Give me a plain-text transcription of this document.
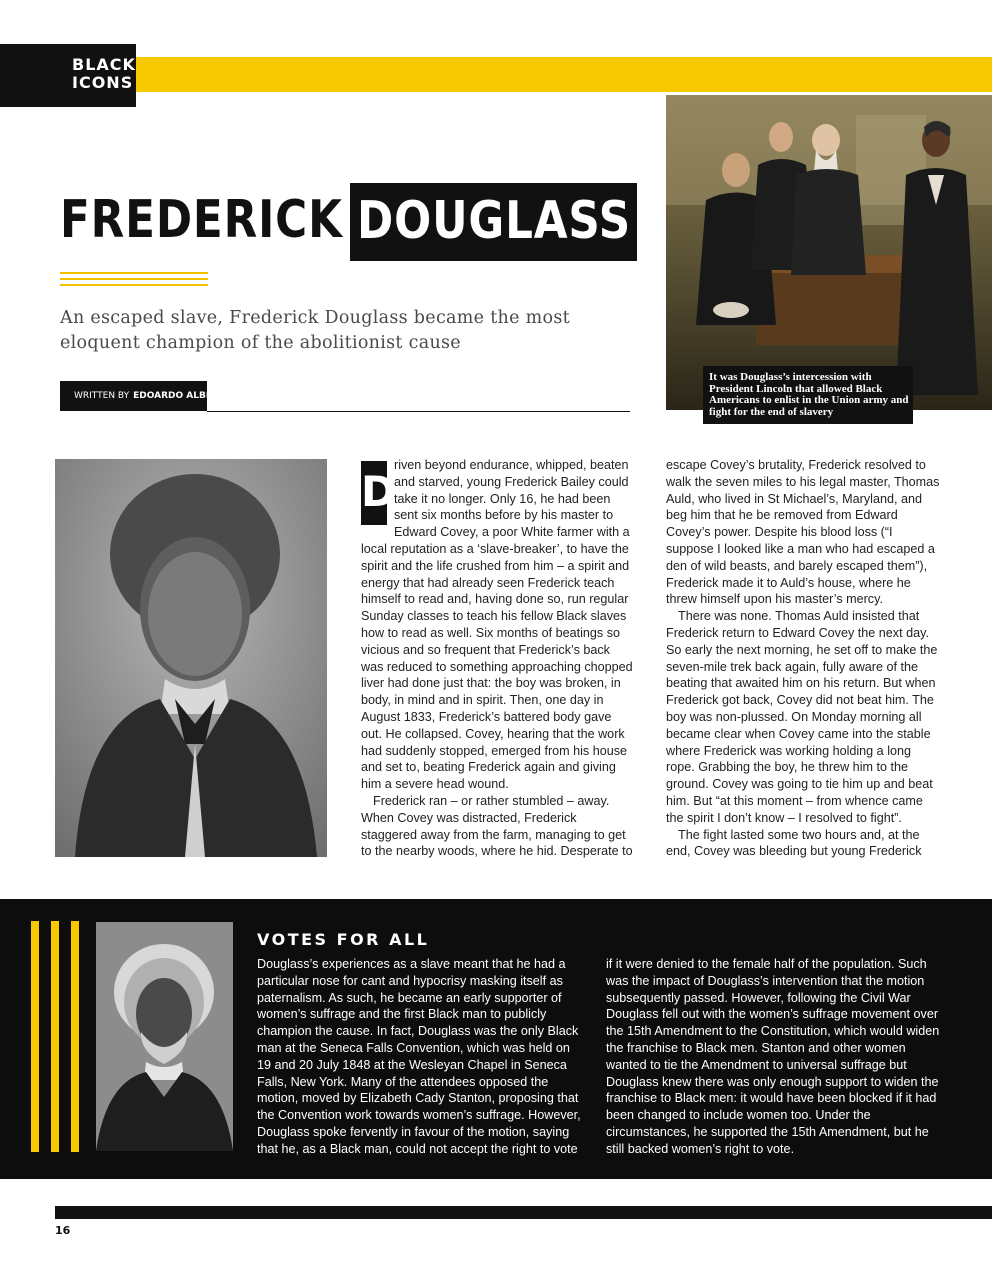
BLACK
ICONS
FREDERICK DOUGLASS
An escaped slave, Frederick Douglass became the most eloquent champion of the abolitionist cause
WRITTEN BY EDOARDO ALBERT
It was Douglass’s intercession with President Lincoln that allowed Black Americans to enlist in the Union army and fight for the end of slavery

D
riven beyond endurance, whipped, beaten and starved, young Frederick Bailey could take it no longer. Only 16, he had been sent six months before by his master to Edward Covey, a poor White farmer with a local reputation as a ‘slave-breaker’, to have the spirit and the life crushed from him – a spirit and energy that had already seen Frederick teach himself to read and, having done so, run regular Sunday classes to teach his fellow Black slaves how to read as well. Six months of beatings so vicious and so frequent that Frederick’s back was reduced to something approaching chopped liver had done just that: the boy was broken, in body, in mind and in spirit. Then, one day in August 1833, Frederick’s battered body gave out. He collapsed. Covey, hearing that the work had suddenly stopped, emerged from his house and set to, beating Frederick again and giving him a severe head wound.

Frederick ran – or rather stumbled – away. When Covey was distracted, Frederick staggered away from the farm, managing to get to the nearby woods, where he hid. Desperate to

escape Covey’s brutality, Frederick resolved to walk the seven miles to his legal master, Thomas Auld, who lived in St Michael’s, Maryland, and beg him that he be removed from Edward Covey’s power. Despite his blood loss (“I suppose I looked like a man who had escaped a den of wild beasts, and barely escaped them”), Frederick made it to Auld’s house, where he threw himself upon his master’s mercy.

There was none. Thomas Auld insisted that Frederick return to Edward Covey the next day. So early the next morning, he set off to make the seven-mile trek back again, fully aware of the beating that awaited him on his return. But when Frederick got back, Covey did not beat him. The boy was non-plussed. On Monday morning all became clear when Covey came into the stable where Frederick was working holding a long rope. Grabbing the boy, he threw him to the ground. Covey was going to tie him up and beat him. But “at this moment – from whence came the spirit I don’t know – I resolved to fight”.

The fight lasted some two hours and, at the end, Covey was bleeding but young Frederick

VOTES FOR ALL
Douglass’s experiences as a slave meant that he had a particular nose for cant and hypocrisy masking itself as paternalism. As such, he became an early supporter of women’s suffrage and the first Black man to publicly champion the cause. In fact, Douglass was the only Black man at the Seneca Falls Convention, which was held on 19 and 20 July 1848 at the Wesleyan Chapel in Seneca Falls, New York. Many of the attendees opposed the motion, moved by Elizabeth Cady Stanton, proposing that the Convention work towards women’s suffrage. However, Douglass spoke fervently in favour of the motion, saying that he, as a Black man, could not accept the right to vote
if it were denied to the female half of the population. Such was the impact of Douglass’s intervention that the motion subsequently passed. However, following the Civil War Douglass fell out with the women’s suffrage movement over the 15th Amendment to the Constitution, which would widen the franchise to Black men. Stanton and other women wanted to tie the Amendment to universal suffrage but Douglass knew there was only enough support to widen the franchise to Black men: it would have been blocked if it had been changed to include women too. Under the circumstances, he supported the 15th Amendment, but he still backed women’s right to vote.
16
